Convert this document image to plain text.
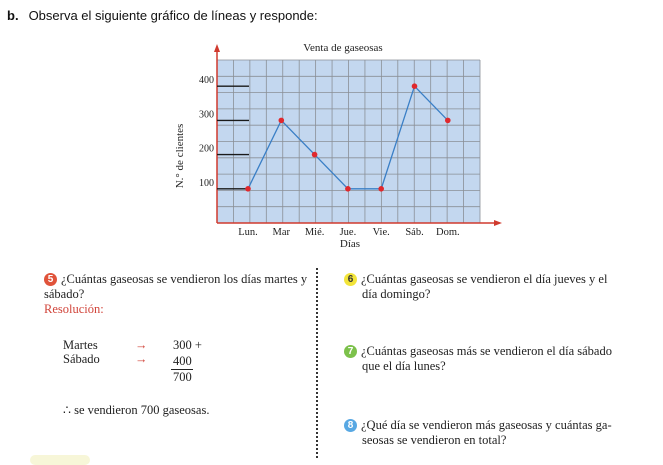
b. Observa el siguiente gráfico de líneas y responde:
Venta de gaseosas
100
200
300
400
Lun. Mar Mié. Jue. Vie. Sáb. Dom.
N.° de clientes
Días
5 ¿Cuántas gaseosas se vendieron los días martes y
sábado?
Resolución:
Martes	→ 300 +
Sábado	→ 400
700
∴ se vendieron 700 gaseosas.
6 ¿Cuántas gaseosas se vendieron el día jueves y el
día domingo?
7 ¿Cuántas gaseosas más se vendieron el día sábado
que el día lunes?
8 ¿Qué día se vendieron más gaseosas y cuántas ga-
seosas se vendieron en total?
